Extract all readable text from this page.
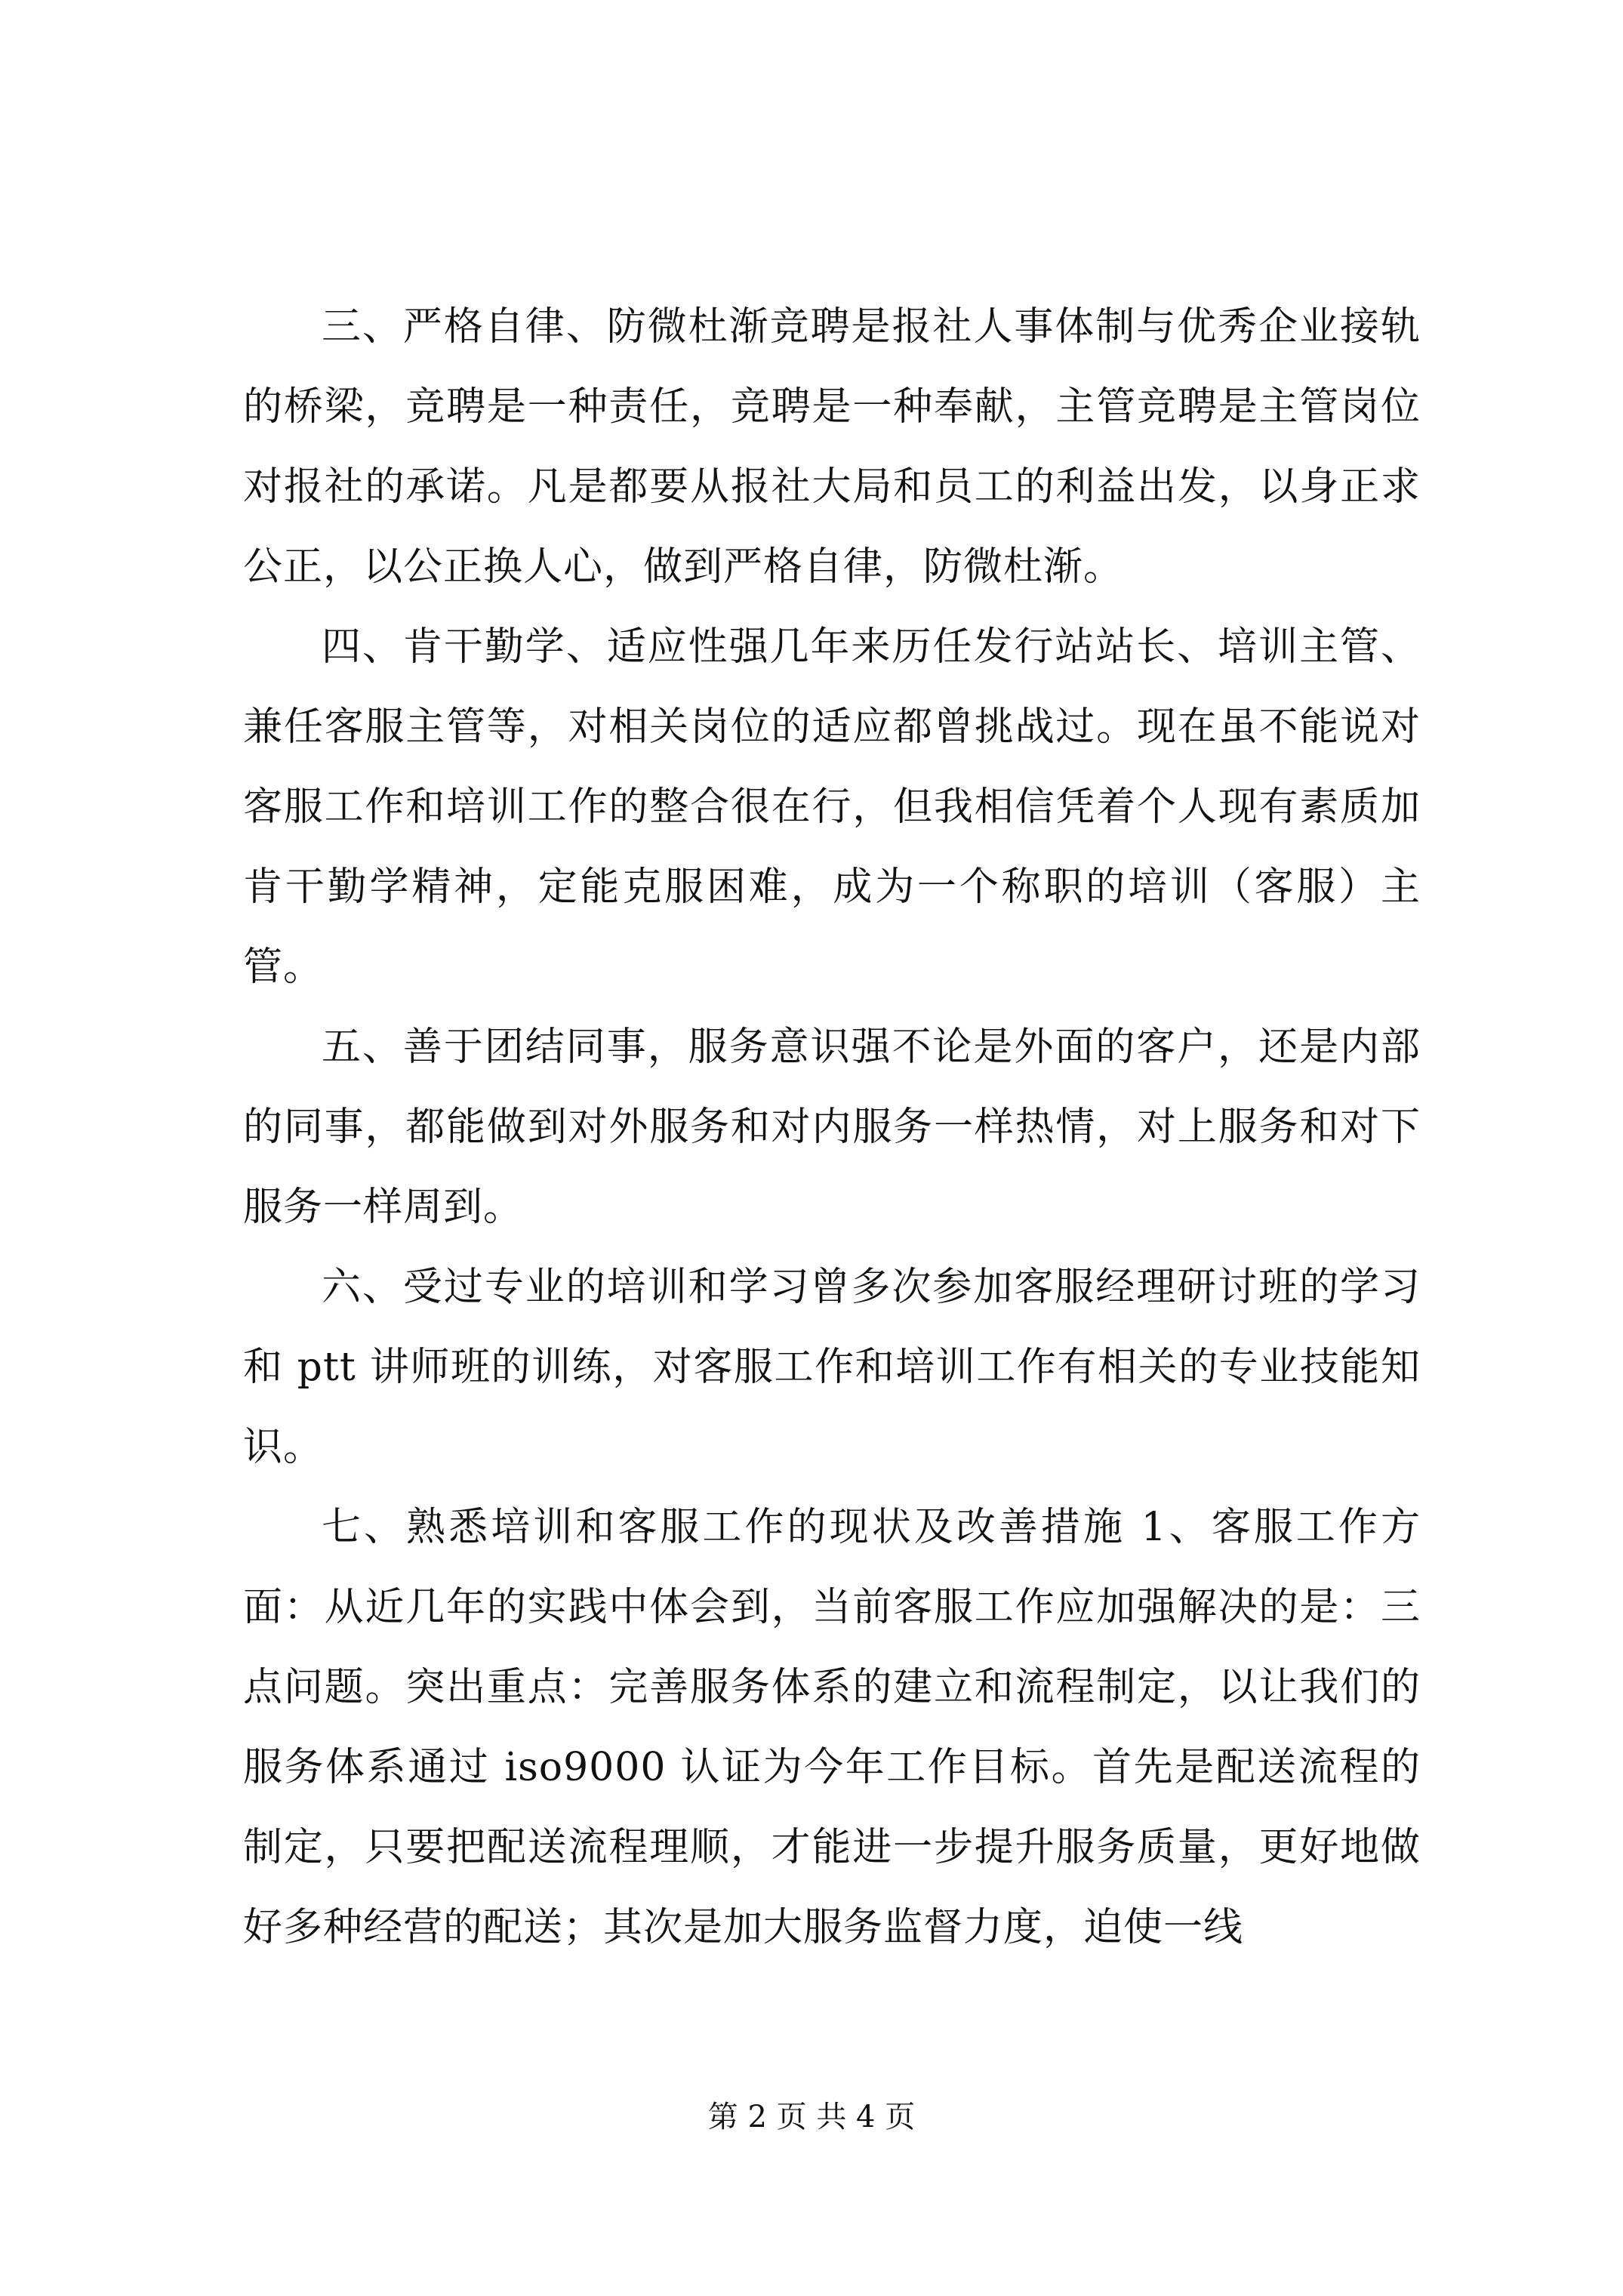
三、严格自律、防微杜渐竞聘是报社人事体制与优秀企业接轨的桥梁，竞聘是一种责任，竞聘是一种奉献，主管竞聘是主管岗位对报社的承诺。凡是都要从报社大局和员工的利益出发，以身正求公正，以公正换人心，做到严格自律，防微杜渐。

四、肯干勤学、适应性强几年来历任发行站站长、培训主管、兼任客服主管等，对相关岗位的适应都曾挑战过。现在虽不能说对客服工作和培训工作的整合很在行，但我相信凭着个人现有素质加肯干勤学精神，定能克服困难，成为一个称职的培训（客服）主管。

五、善于团结同事，服务意识强不论是外面的客户，还是内部的同事，都能做到对外服务和对内服务一样热情，对上服务和对下服务一样周到。

六、受过专业的培训和学习曾多次参加客服经理研讨班的学习和 ptt 讲师班的训练，对客服工作和培训工作有相关的专业技能知识。

七、熟悉培训和客服工作的现状及改善措施 1、客服工作方面：从近几年的实践中体会到，当前客服工作应加强解决的是：三点问题。突出重点：完善服务体系的建立和流程制定，以让我们的服务体系通过 iso9000 认证为今年工作目标。首先是配送流程的制定，只要把配送流程理顺，才能进一步提升服务质量，更好地做好多种经营的配送；其次是加大服务监督力度，迫使一线

第 2 页 共 4 页
